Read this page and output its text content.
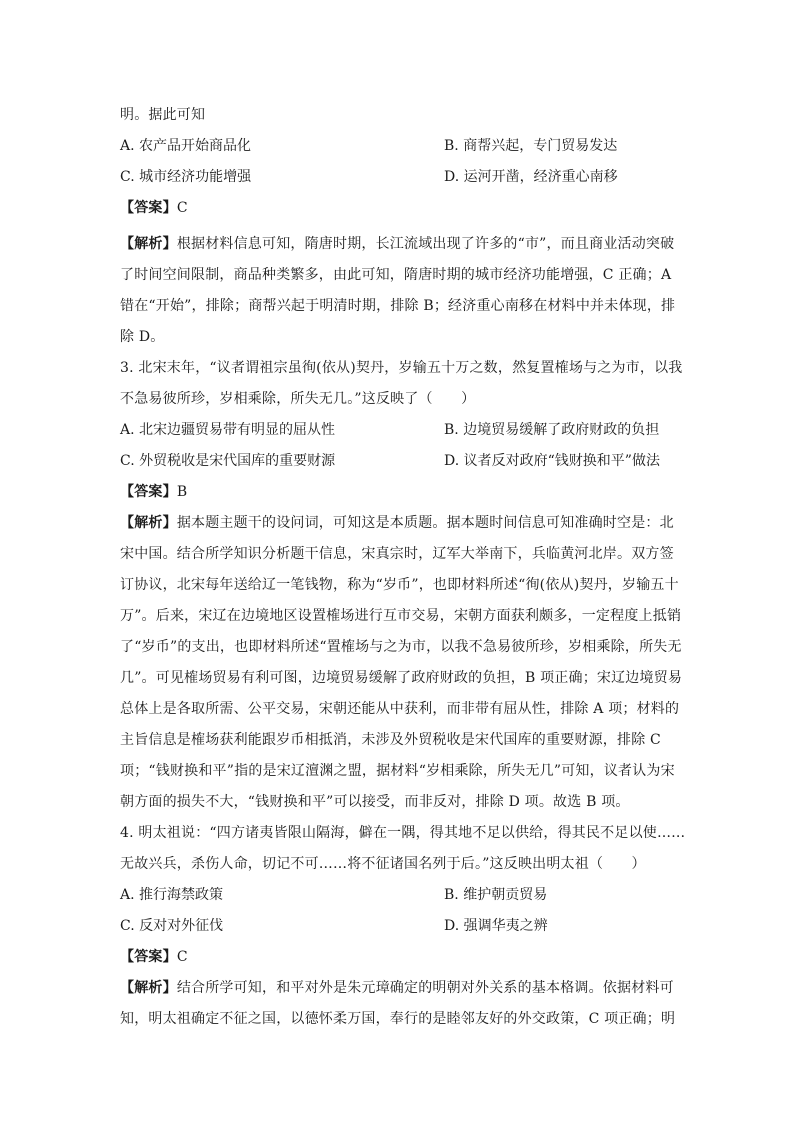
明。据此可知
A. 农产品开始商品化	B. 商帮兴起，专门贸易发达
C. 城市经济功能增强	D. 运河开凿，经济重心南移
【答案】C
【解析】根据材料信息可知，隋唐时期，长江流域出现了许多的“市”，而且商业活动突破
了时间空间限制，商品种类繁多，由此可知，隋唐时期的城市经济功能增强，C 正确；A
错在“开始”，排除；商帮兴起于明清时期，排除 B；经济重心南移在材料中并未体现，排
除 D。
3. 北宋末年，“议者谓祖宗虽徇(依从)契丹，岁输五十万之数，然复置榷场与之为市，以我
不急易彼所珍，岁相乘除，所失无几。”这反映了（　　）
A. 北宋边疆贸易带有明显的屈从性	B. 边境贸易缓解了政府财政的负担
C. 外贸税收是宋代国库的重要财源	D. 议者反对政府“钱财换和平”做法
【答案】B
【解析】据本题主题干的设问词，可知这是本质题。据本题时间信息可知准确时空是：北
宋中国。结合所学知识分析题干信息，宋真宗时，辽军大举南下，兵临黄河北岸。双方签
订协议，北宋每年送给辽一笔钱物，称为“岁币”，也即材料所述“徇(依从)契丹，岁输五十
万”。后来，宋辽在边境地区设置榷场进行互市交易，宋朝方面获利颇多，一定程度上抵销
了“岁币”的支出，也即材料所述“置榷场与之为市，以我不急易彼所珍，岁相乘除，所失无
几”。可见榷场贸易有利可图，边境贸易缓解了政府财政的负担，B 项正确；宋辽边境贸易
总体上是各取所需、公平交易，宋朝还能从中获利，而非带有屈从性，排除 A 项；材料的
主旨信息是榷场获利能跟岁币相抵消，未涉及外贸税收是宋代国库的重要财源，排除 C
项；“钱财换和平”指的是宋辽澶渊之盟，据材料“岁相乘除，所失无几”可知，议者认为宋
朝方面的损失不大，“钱财换和平”可以接受，而非反对，排除 D 项。故选 B 项。
4. 明太祖说：“四方诸夷皆限山隔海，僻在一隅，得其地不足以供给，得其民不足以使……
无故兴兵，杀伤人命，切记不可……将不征诸国名列于后。”这反映出明太祖（　　）
A. 推行海禁政策	B. 维护朝贡贸易
C. 反对对外征伐	D. 强调华夷之辨
【答案】C
【解析】结合所学可知，和平对外是朱元璋确定的明朝对外关系的基本格调。依据材料可
知，明太祖确定不征之国，以德怀柔万国，奉行的是睦邻友好的外交政策，C 项正确；明
